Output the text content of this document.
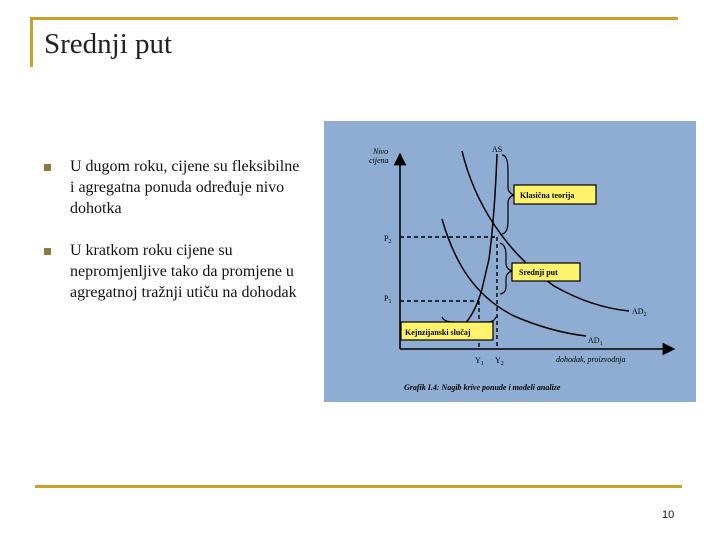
Srednji put
U dugom roku, cijene su fleksibilne i agregatna ponuda određuje nivo dohotka
U kratkom roku cijene su nepromjenljive tako da promjene u agregatnoj tražnji utiču na dohodak
Nivo
cijena
dohodak, proizvodnja
AS
$AD_2$
$AD_1$
$P_2$
$P_1$
$Y_1$ $Y_2$
Klasična teorija
Srednji put
Kejnzijanski slučaj
Grafik I.4: Nagib krive ponude i modeli analize
10
